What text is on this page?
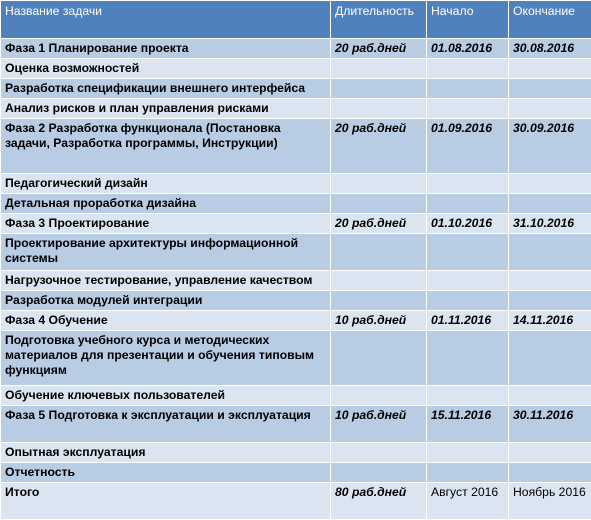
Название задачи	Длительность	Начало	Окончание
Фаза 1 Планирование проекта	20 раб.дней	01.08.2016	30.08.2016
Оценка возможностей			
Разработка спецификации внешнего интерфейса			
Анализ рисков и план управления рисками			
Фаза 2 Разработка функционала (Постановка задачи, Разработка программы, Инструкции)	20 раб.дней	01.09.2016	30.09.2016
Педагогический дизайн			
Детальная проработка дизайна			
Фаза 3 Проектирование	20 раб.дней	01.10.2016	31.10.2016
Проектирование архитектуры информационной системы			
Нагрузочное тестирование, управление качеством			
Разработка модулей интеграции			
Фаза 4 Обучение	10 раб.дней	01.11.2016	14.11.2016
Подготовка учебного курса и методических материалов для презентации и обучения типовым функциям			
Обучение ключевых пользователей			
Фаза 5 Подготовка к эксплуатации и эксплуатация	10 раб.дней	15.11.2016	30.11.2016
Опытная эксплуатация			
Отчетность			
Итого	80 раб.дней	Август 2016	Ноябрь 2016
